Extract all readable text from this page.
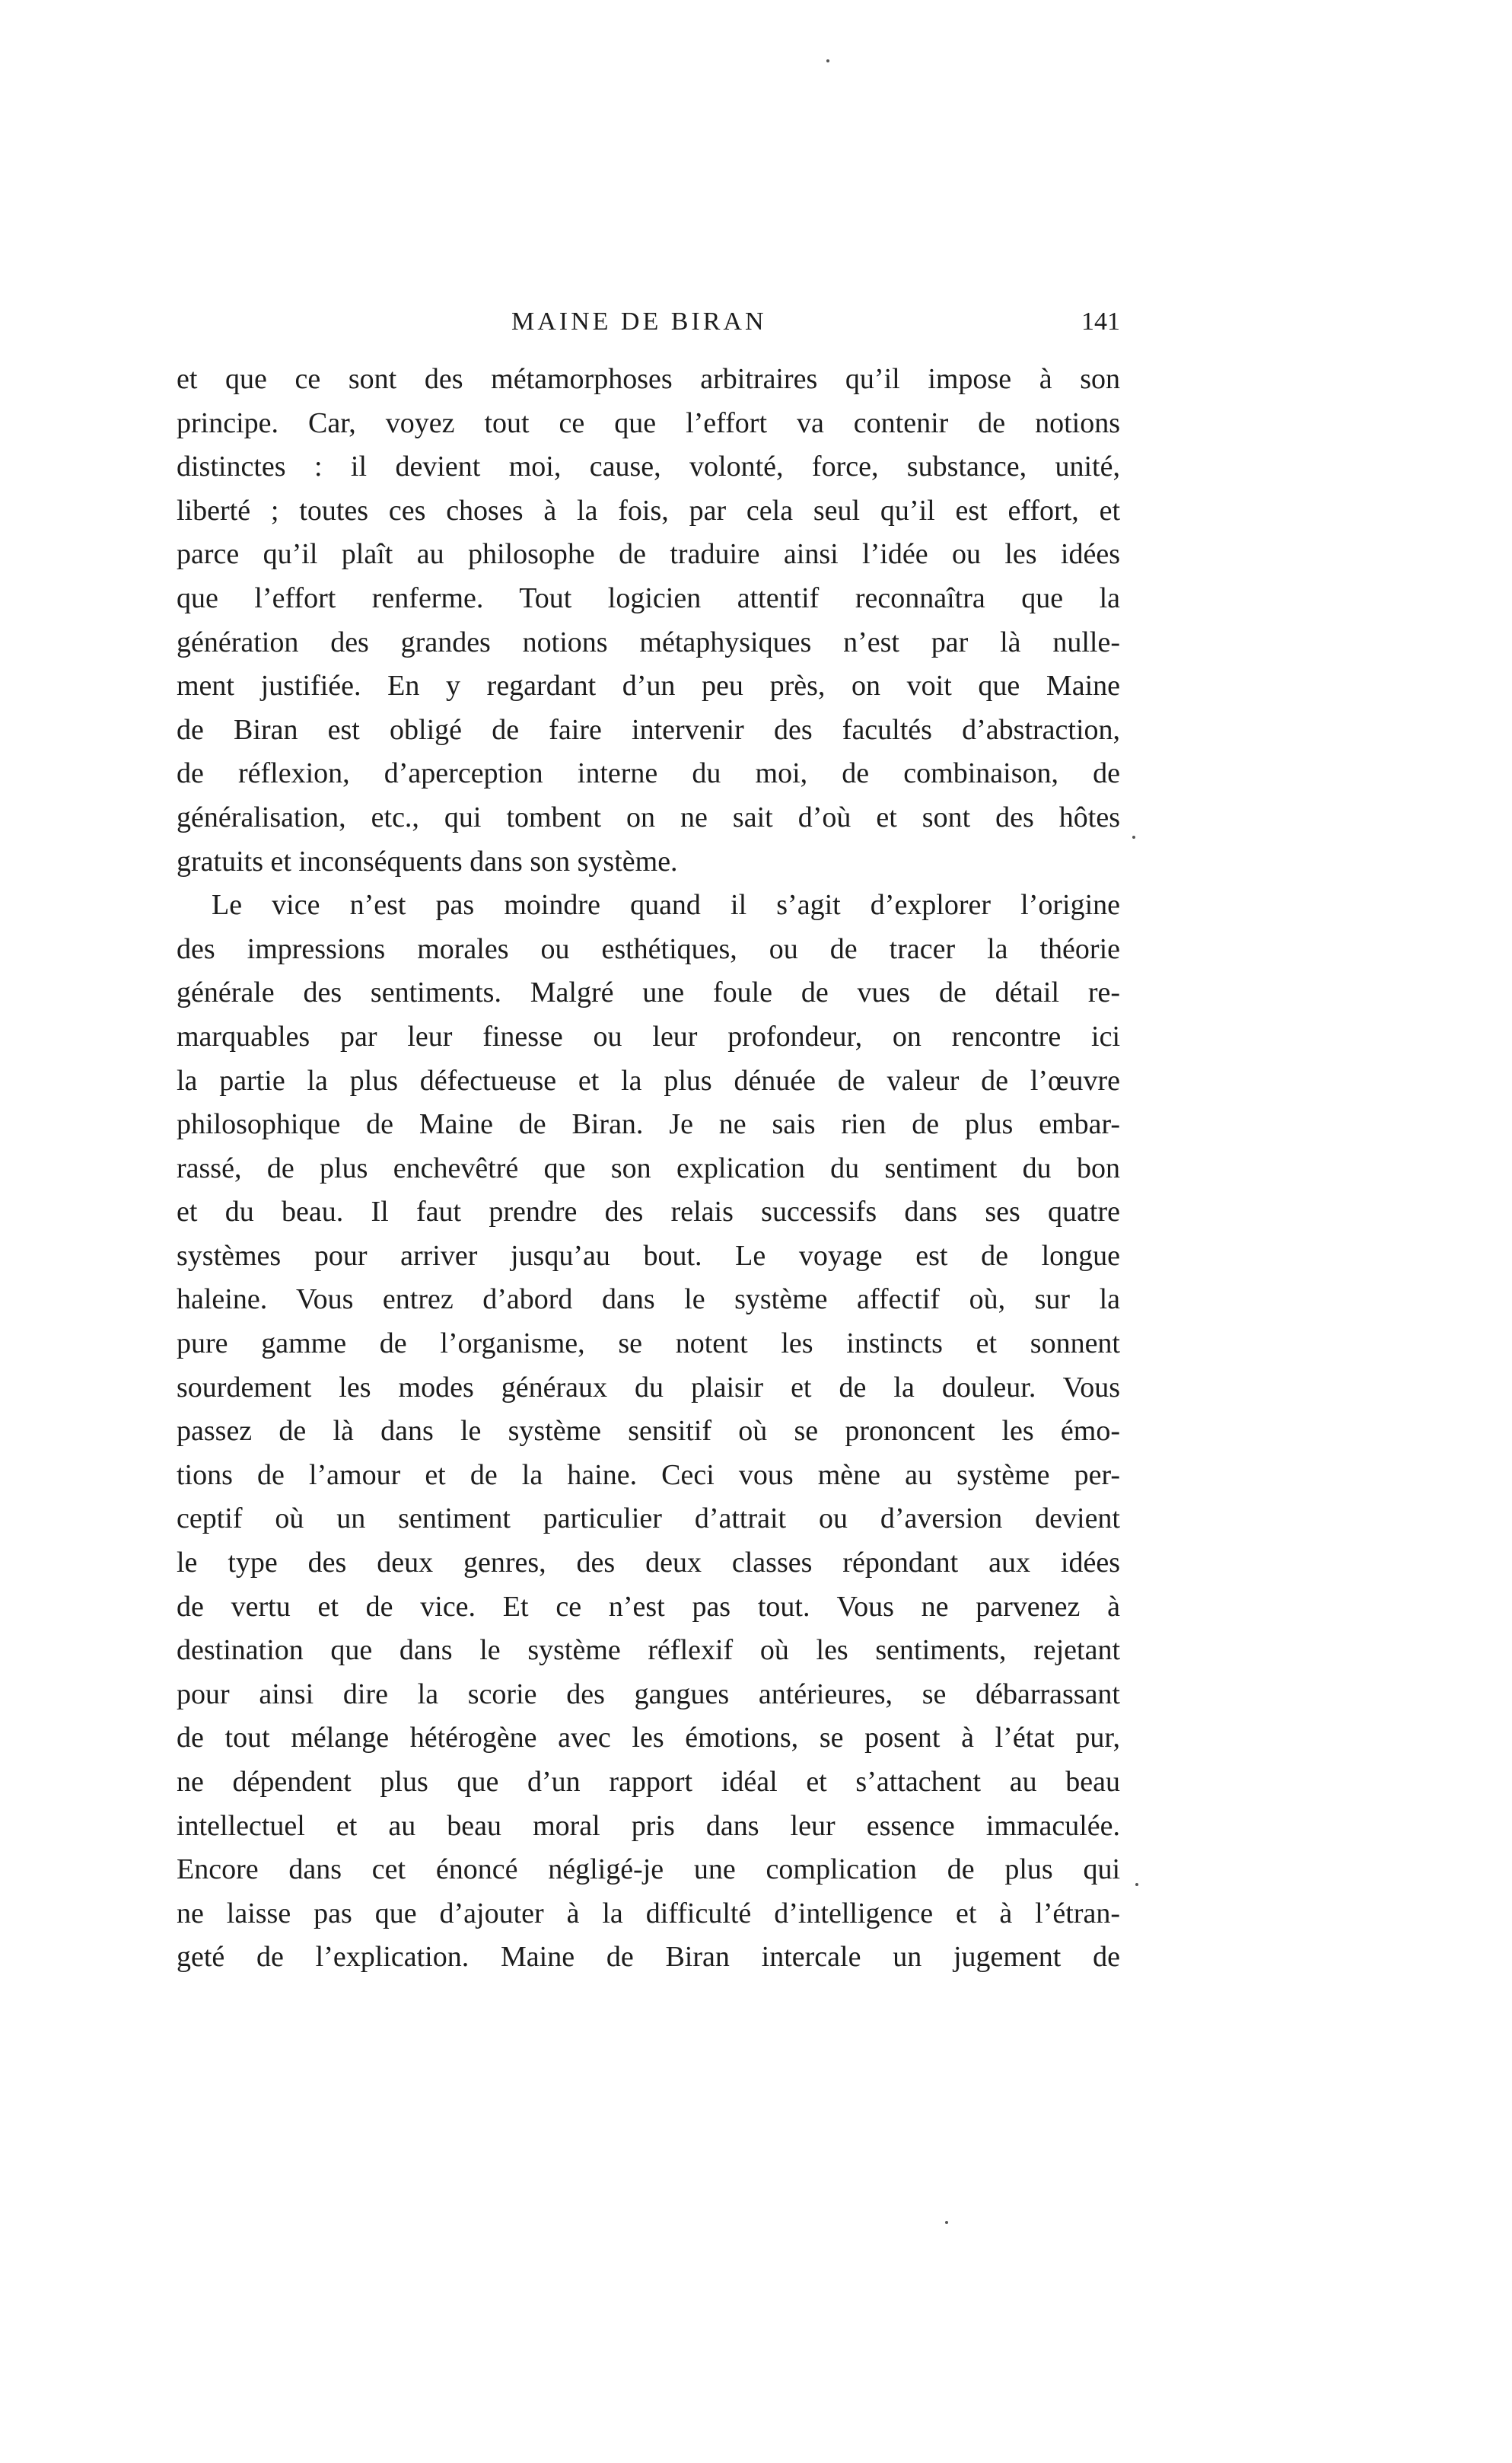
MAINE DE BIRAN	141
et que ce sont des métamorphoses arbitraires qu’il impose à son
principe. Car, voyez tout ce que l’effort va contenir de notions
distinctes : il devient moi, cause, volonté, force, substance, unité,
liberté ; toutes ces choses à la fois, par cela seul qu’il est effort, et
parce qu’il plaît au philosophe de traduire ainsi l’idée ou les idées
que l’effort renferme. Tout logicien attentif reconnaîtra que la
génération des grandes notions métaphysiques n’est par là nulle-
ment justifiée. En y regardant d’un peu près, on voit que Maine
de Biran est obligé de faire intervenir des facultés d’abstraction,
de réflexion, d’aperception interne du moi, de combinaison, de
généralisation, etc., qui tombent on ne sait d’où et sont des hôtes
gratuits et inconséquents dans son système.
Le vice n’est pas moindre quand il s’agit d’explorer l’origine
des impressions morales ou esthétiques, ou de tracer la théorie
générale des sentiments. Malgré une foule de vues de détail re-
marquables par leur finesse ou leur profondeur, on rencontre ici
la partie la plus défectueuse et la plus dénuée de valeur de l’œuvre
philosophique de Maine de Biran. Je ne sais rien de plus embar-
rassé, de plus enchevêtré que son explication du sentiment du bon
et du beau. Il faut prendre des relais successifs dans ses quatre
systèmes pour arriver jusqu’au bout. Le voyage est de longue
haleine. Vous entrez d’abord dans le système affectif où, sur la
pure gamme de l’organisme, se notent les instincts et sonnent
sourdement les modes généraux du plaisir et de la douleur. Vous
passez de là dans le système sensitif où se prononcent les émo-
tions de l’amour et de la haine. Ceci vous mène au système per-
ceptif où un sentiment particulier d’attrait ou d’aversion devient
le type des deux genres, des deux classes répondant aux idées
de vertu et de vice. Et ce n’est pas tout. Vous ne parvenez à
destination que dans le système réflexif où les sentiments, rejetant
pour ainsi dire la scorie des gangues antérieures, se débarrassant
de tout mélange hétérogène avec les émotions, se posent à l’état pur,
ne dépendent plus que d’un rapport idéal et s’attachent au beau
intellectuel et au beau moral pris dans leur essence immaculée.
Encore dans cet énoncé négligé-je une complication de plus qui
ne laisse pas que d’ajouter à la difficulté d’intelligence et à l’étran-
geté de l’explication. Maine de Biran intercale un jugement de
